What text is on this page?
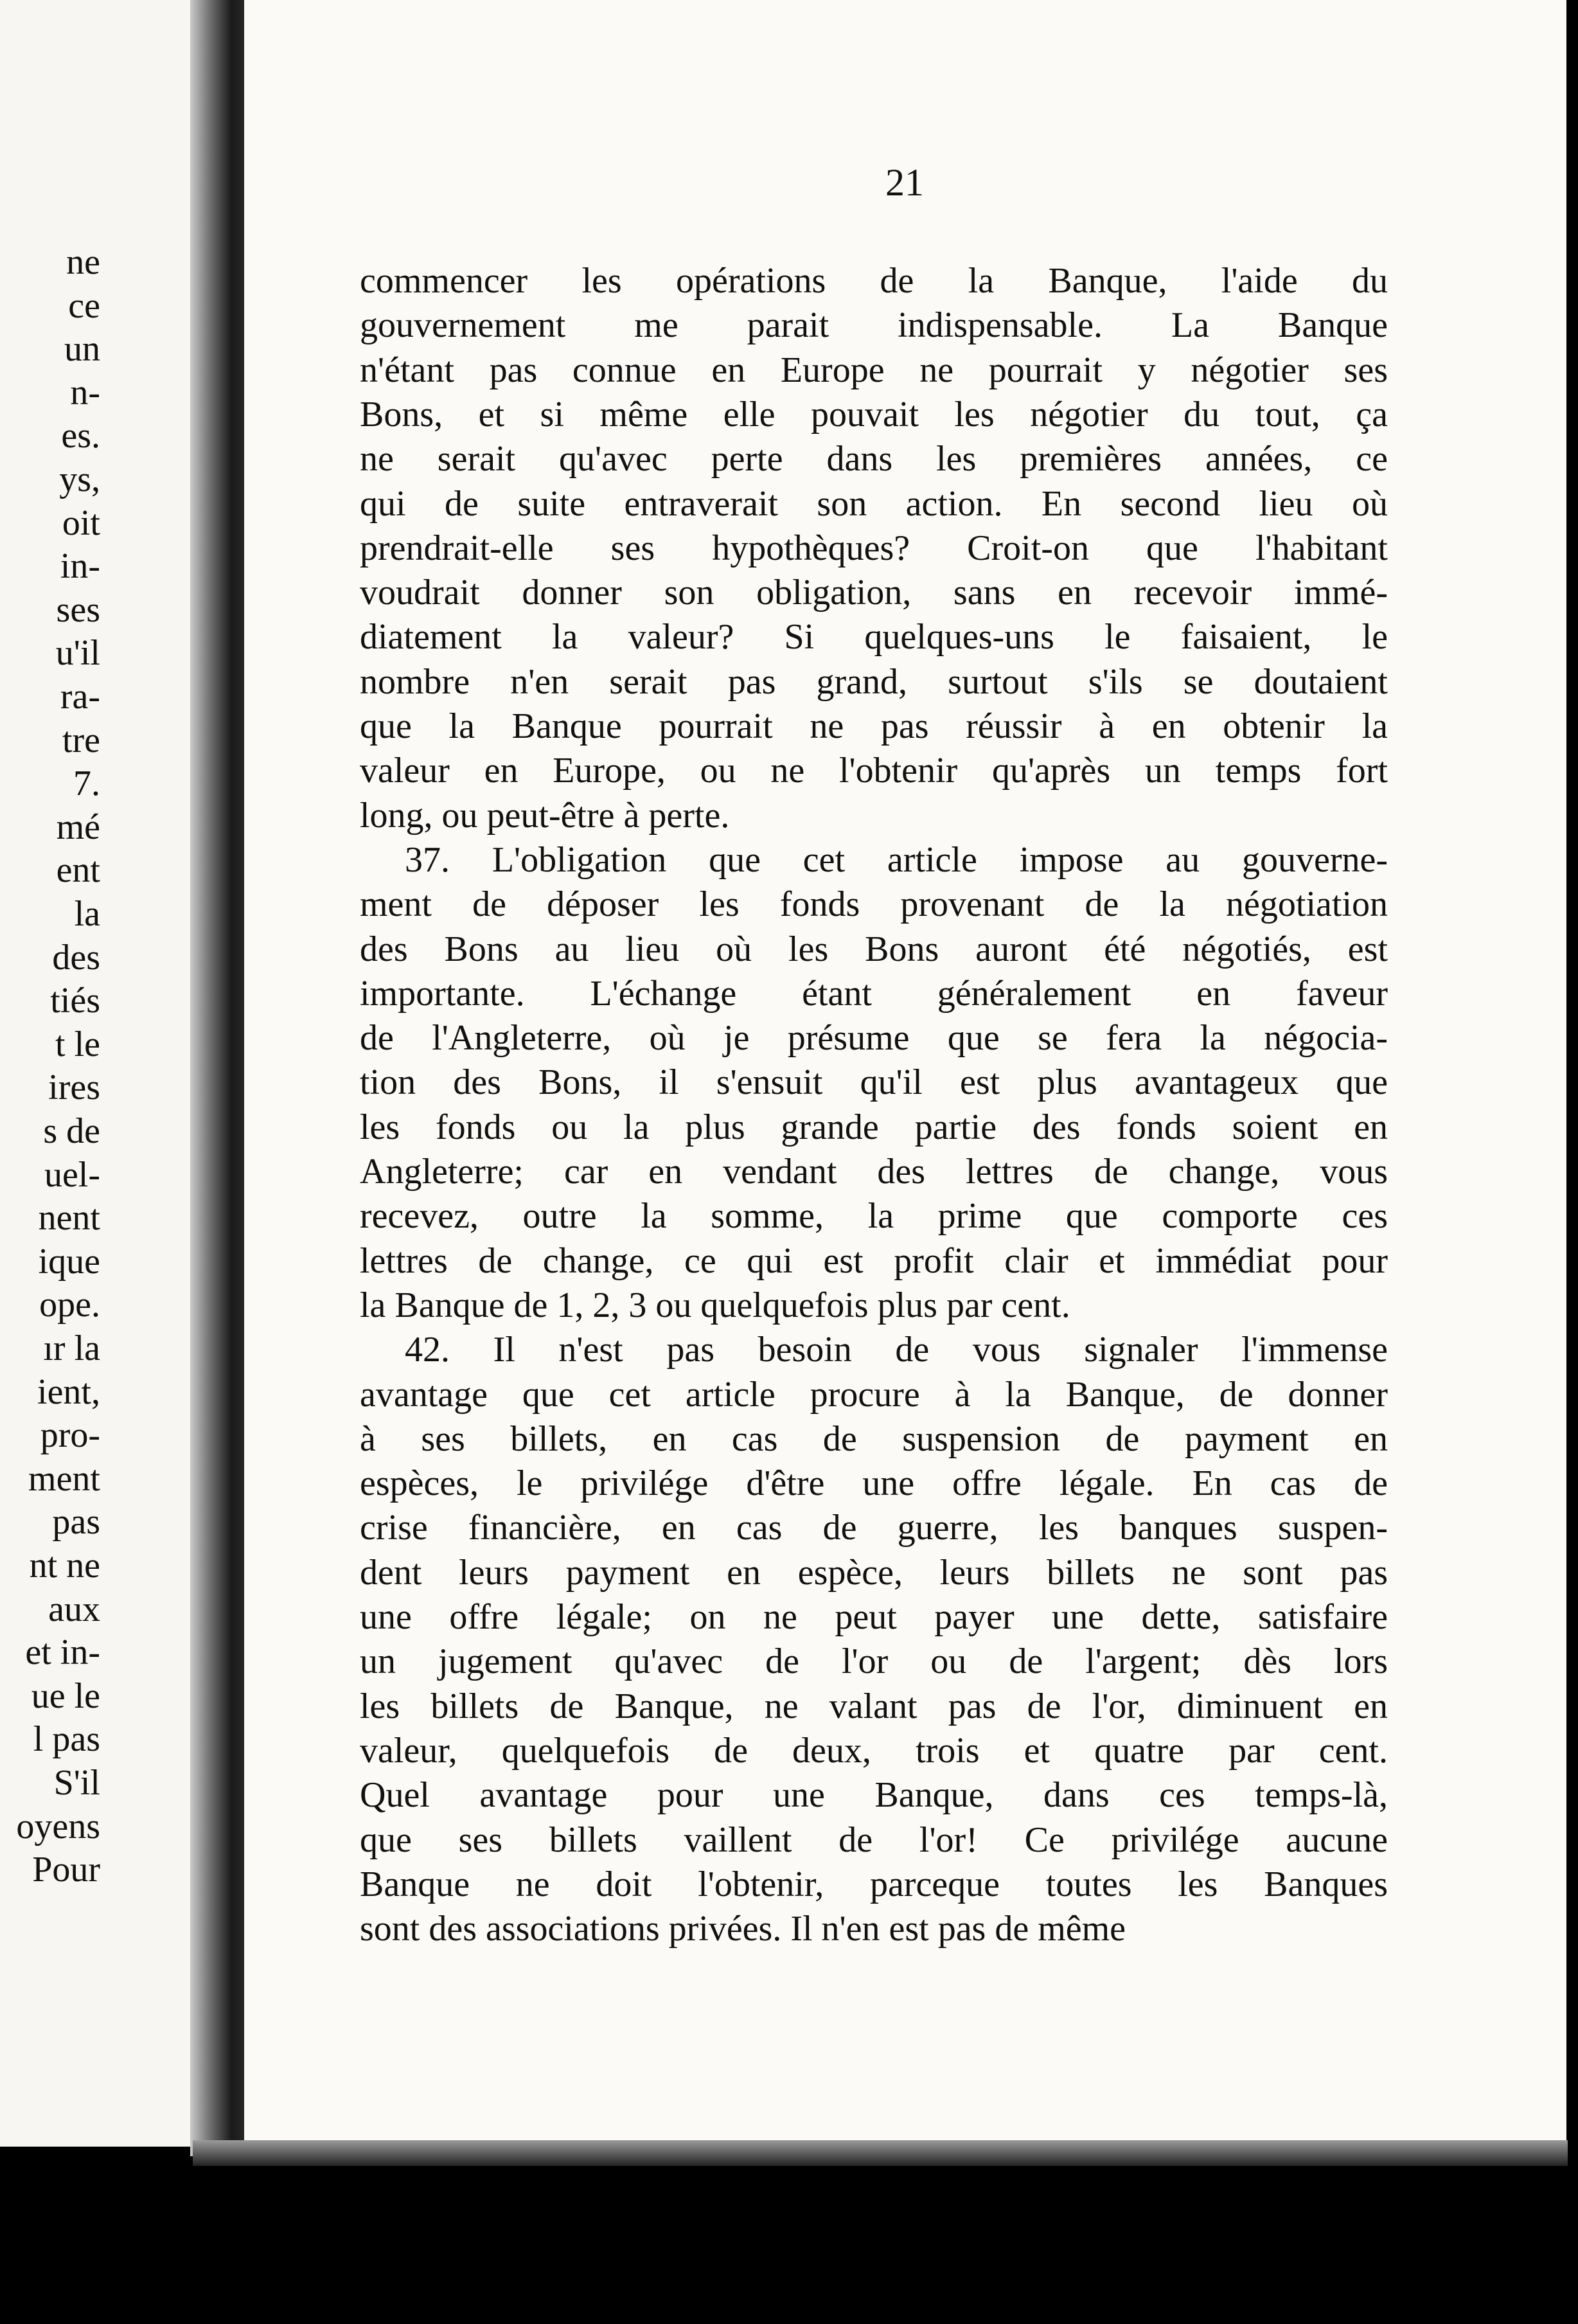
ne
ce
un
n-
es.
ys,
oit
in-
ses
u'il
ra-
tre
7.
mé
ent
la
des
tiés
t le
ires
s de
uel-
nent
ique
ope.
ır la
ient,
pro-
ment
pas
nt ne
aux
et in-
ue le
l pas
S'il
oyens
Pour
21
commencer les opérations de la Banque, l'aide du
gouvernement me parait indispensable. La Banque
n'étant pas connue en Europe ne pourrait y négotier ses
Bons, et si même elle pouvait les négotier du tout, ça
ne serait qu'avec perte dans les premières années, ce
qui de suite entraverait son action. En second lieu où
prendrait-elle ses hypothèques? Croit-on que l'habitant
voudrait donner son obligation, sans en recevoir immé-
diatement la valeur? Si quelques-uns le faisaient, le
nombre n'en serait pas grand, surtout s'ils se doutaient
que la Banque pourrait ne pas réussir à en obtenir la
valeur en Europe, ou ne l'obtenir qu'après un temps fort
long, ou peut-être à perte.
37. L'obligation que cet article impose au gouverne-
ment de déposer les fonds provenant de la négotiation
des Bons au lieu où les Bons auront été négotiés, est
importante. L'échange étant généralement en faveur
de l'Angleterre, où je présume que se fera la négocia-
tion des Bons, il s'ensuit qu'il est plus avantageux que
les fonds ou la plus grande partie des fonds soient en
Angleterre; car en vendant des lettres de change, vous
recevez, outre la somme, la prime que comporte ces
lettres de change, ce qui est profit clair et immédiat pour
la Banque de 1, 2, 3 ou quelquefois plus par cent.
42. Il n'est pas besoin de vous signaler l'immense
avantage que cet article procure à la Banque, de donner
à ses billets, en cas de suspension de payment en
espèces, le privilége d'être une offre légale. En cas de
crise financière, en cas de guerre, les banques suspen-
dent leurs payment en espèce, leurs billets ne sont pas
une offre légale; on ne peut payer une dette, satisfaire
un jugement qu'avec de l'or ou de l'argent; dès lors
les billets de Banque, ne valant pas de l'or, diminuent en
valeur, quelquefois de deux, trois et quatre par cent.
Quel avantage pour une Banque, dans ces temps-là,
que ses billets vaillent de l'or! Ce privilége aucune
Banque ne doit l'obtenir, parceque toutes les Banques
sont des associations privées. Il n'en est pas de même
